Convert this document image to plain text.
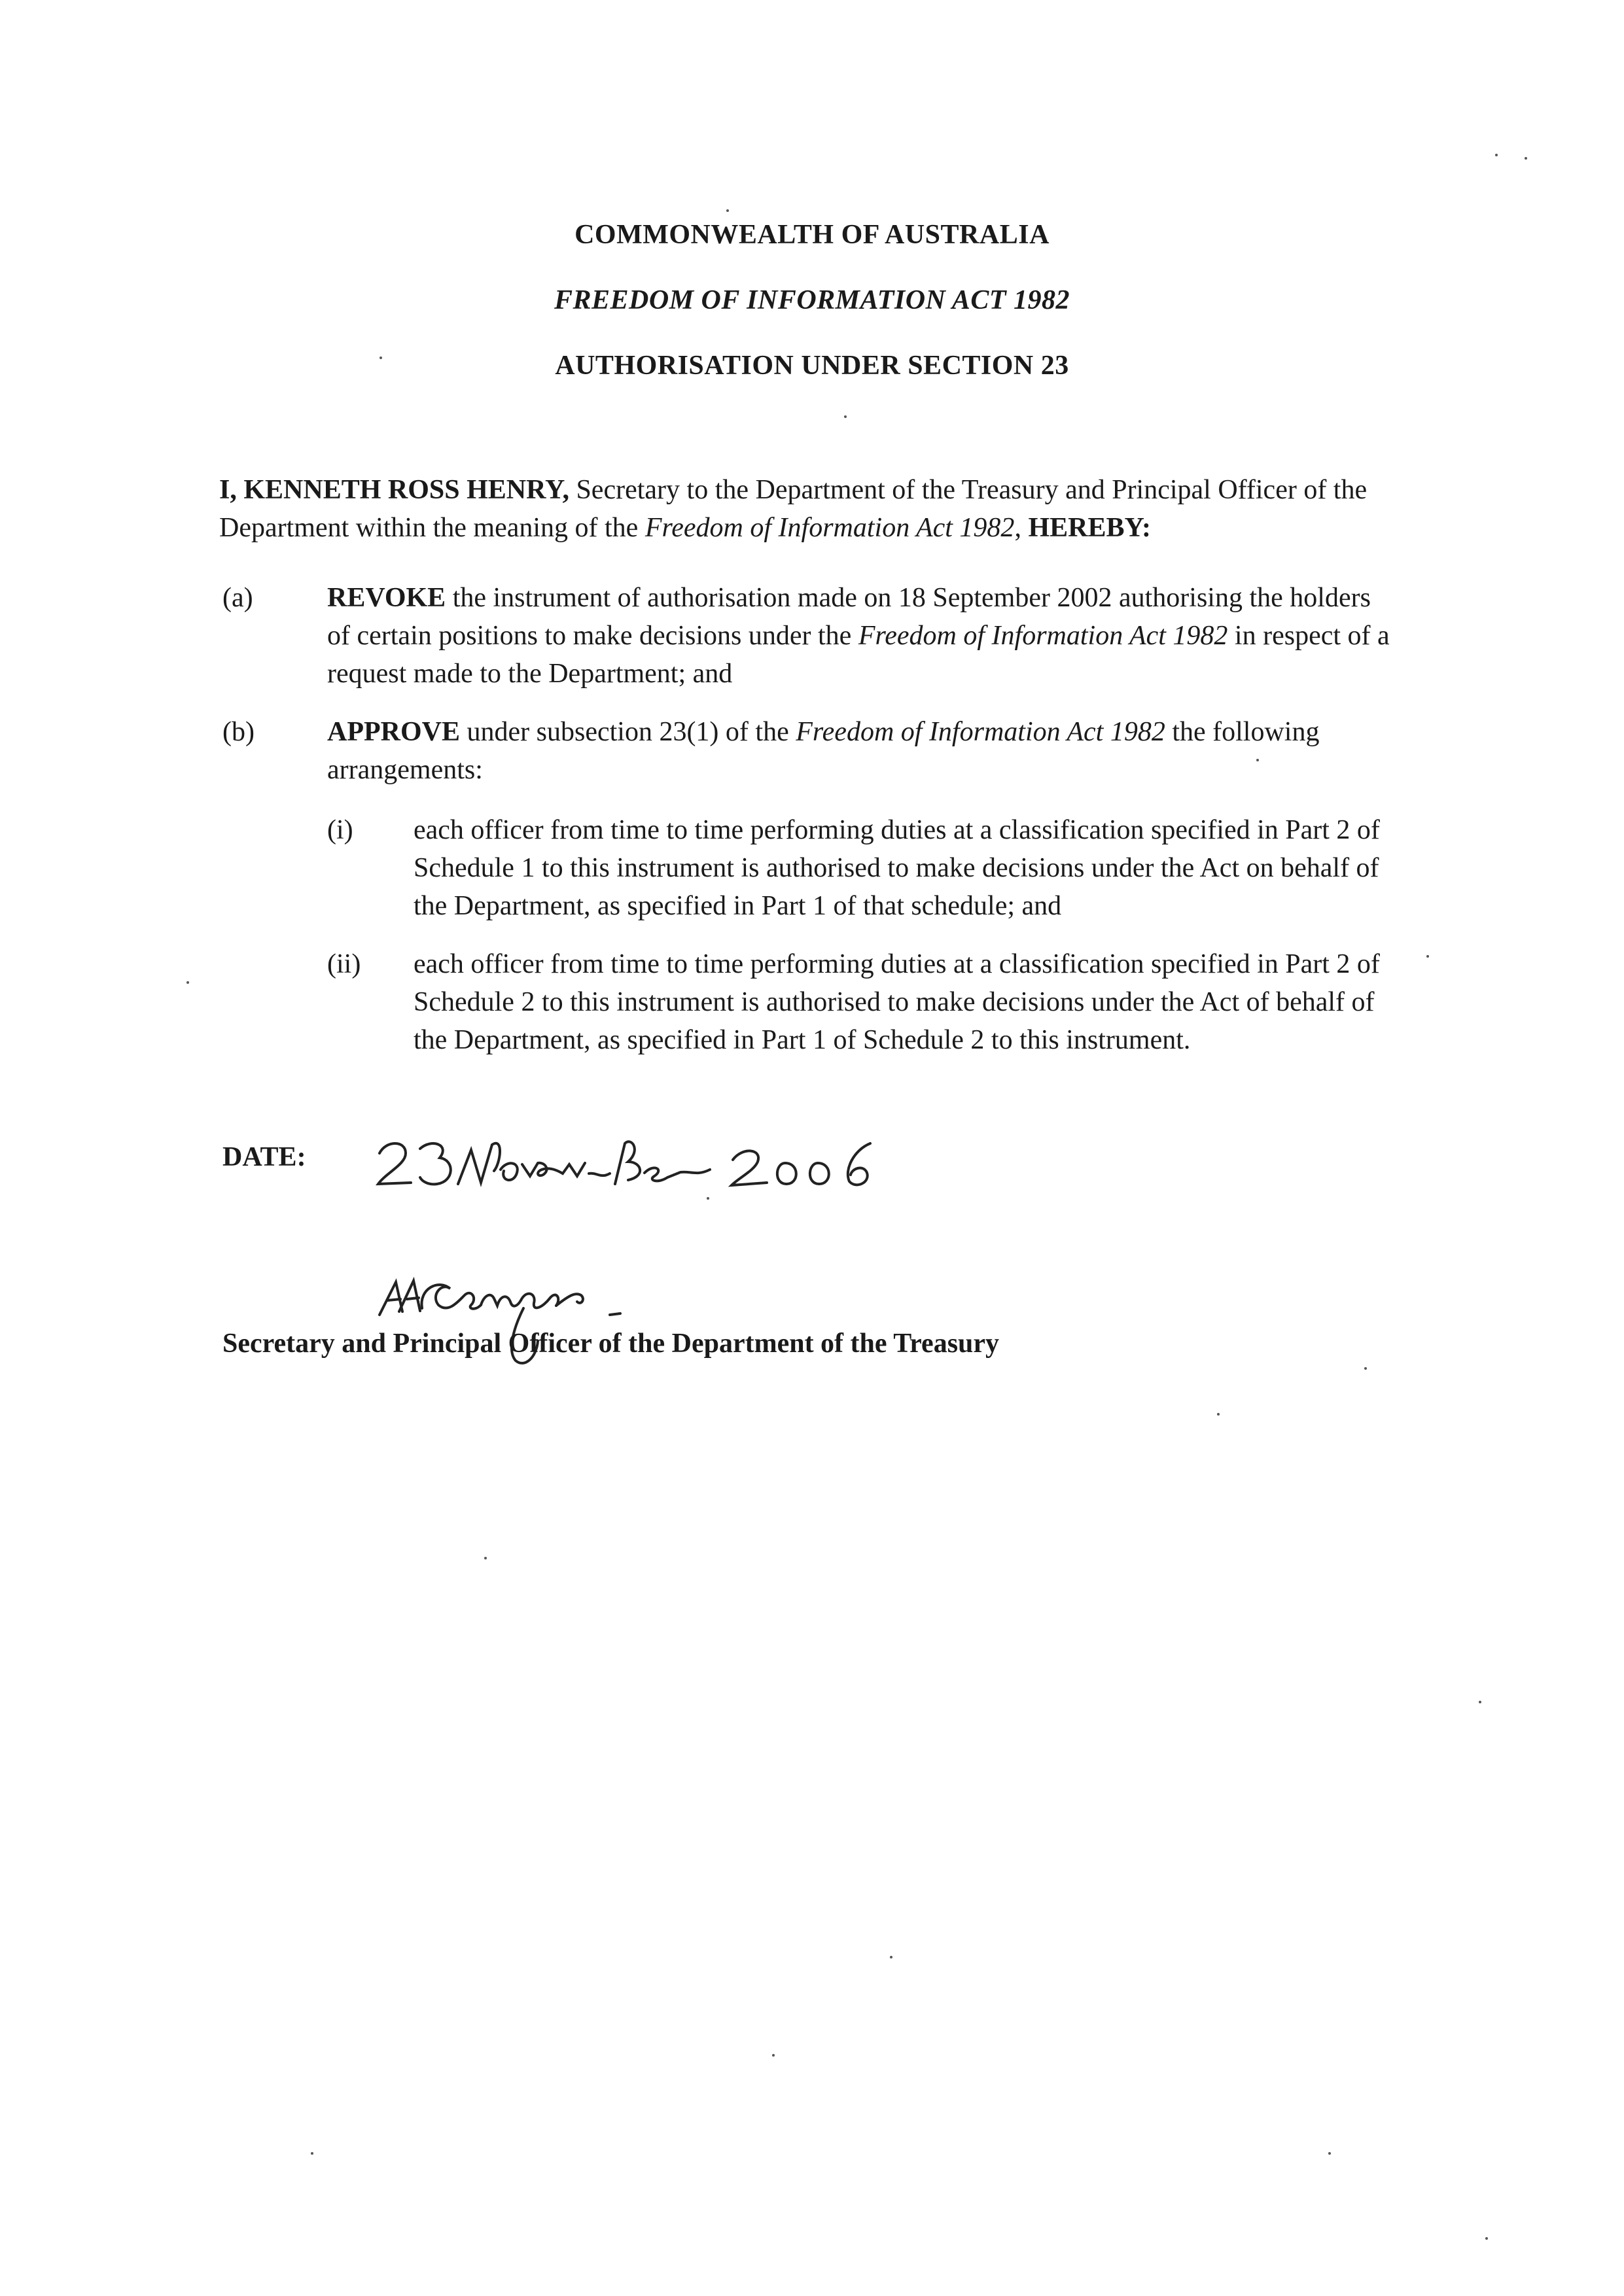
COMMONWEALTH OF AUSTRALIA
FREEDOM OF INFORMATION ACT 1982
AUTHORISATION UNDER SECTION 23

I, KENNETH ROSS HENRY, Secretary to the Department of the Treasury and Principal Officer of the Department within the meaning of the Freedom of Information Act 1982, HEREBY:

(a)	REVOKE the instrument of authorisation made on 18 September 2002 authorising the holders of certain positions to make decisions under the Freedom of Information Act 1982 in respect of a request made to the Department; and

(b)	APPROVE under subsection 23(1) of the Freedom of Information Act 1982 the following arrangements:

(i) each officer from time to time performing duties at a classification specified in Part 2 of Schedule 1 to this instrument is authorised to make decisions under the Act on behalf of the Department, as specified in Part 1 of that schedule; and

(ii) each officer from time to time performing duties at a classification specified in Part 2 of Schedule 2 to this instrument is authorised to make decisions under the Act of behalf of the Department, as specified in Part 1 of Schedule 2 to this instrument.

DATE:
Secretary and Principal Officer of the Department of the Treasury
